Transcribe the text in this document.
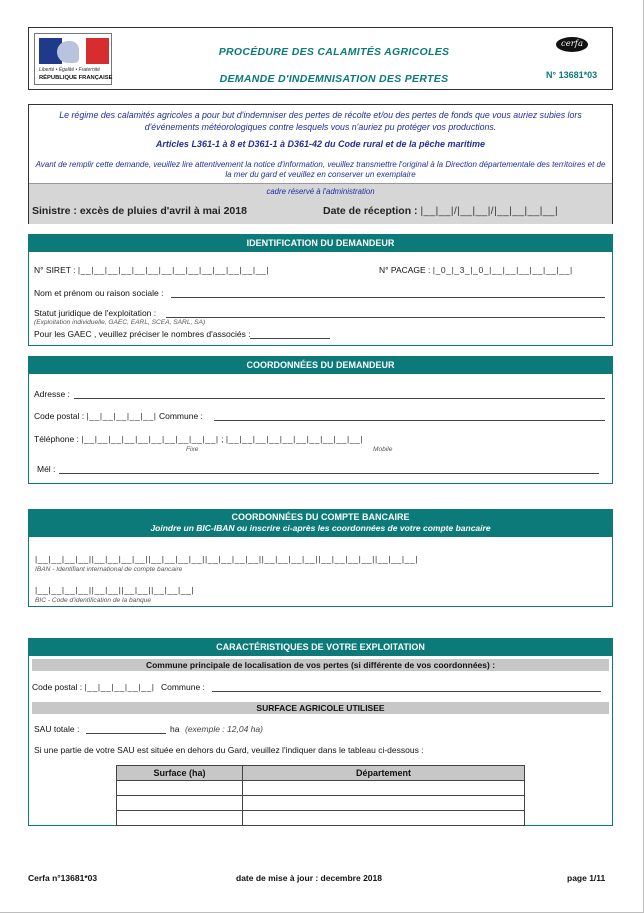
Liberté • Égalité • Fraternité
RÉPUBLIQUE FRANÇAISE
PROCÉDURE DES CALAMITÉS AGRICOLES
DEMANDE D'INDEMNISATION DES PERTES
cerfa
N° 13681*03
Le régime des calamités agricoles a pour but d'indemniser des pertes de récolte et/ou des pertes de fonds que vous auriez subies lors d'événements météorologiques contre lesquels vous n'auriez pu protéger vos productions.
Articles L361-1 à 8 et D361-1 à D361-42 du Code rural et de la pêche maritime
Avant de remplir cette demande, veuillez lire attentivement la notice d'information, veuillez transmettre l'original à la Direction départementale des territoires et de la mer du gard et veuillez en conserver un exemplaire
cadre réservé à l'administration
Sinistre : excès de pluies d'avril à mai 2018	Date de réception : |__|__|/|__|__|/|__|__|__|__|
IDENTIFICATION DU DEMANDEUR
N° SIRET : |__|__|__|__|__|__|__|__|__|__|__|__|__|__|	N° PACAGE : |_0_|_3_|_0_|__|__|__|__|__|__|
Nom et prénom ou raison sociale :
Statut juridique de l'exploitation :
(Exploitation individuelle, GAEC, EARL, SCEA, SARL, SA)
Pour les GAEC , veuillez préciser le nombres d'associés :
COORDONNÉES DU DEMANDEUR
Adresse :
Code postal : |__|__|__|__|__| Commune :
Téléphone : |__|__|__|__|__|__|__|__|__|__| ; |__|__|__|__|__|__|__|__|__|__|
Fixe	Mobile
Mél :
COORDONNÉES DU COMPTE BANCAIRE
Joindre un BIC-IBAN ou inscrire ci-après les coordonnées de votre compte bancaire
|__|__|__|__||__|__|__|__||__|__|__|__||__|__|__|__||__|__|__|__||__|__|__|__||__|__|__|
IBAN - Identifiant international de compte bancaire
|__|__|__|__||__|__||__|__||__|__|__|
BIC - Code d'identification de la banque
CARACTÉRISTIQUES DE VOTRE EXPLOITATION
Commune principale de localisation de vos pertes (si différente de vos coordonnées) :
Code postal : |__|__|__|__|__| Commune :
SURFACE AGRICOLE UTILISEE
SAU totale :	ha (exemple : 12,04 ha)
Si une partie de votre SAU est située en dehors du Gard, veuillez l'indiquer dans le tableau ci-dessous :
Surface (ha)	Département

Cerfa n°13681*03	date de mise à jour : decembre 2018	page 1/11
